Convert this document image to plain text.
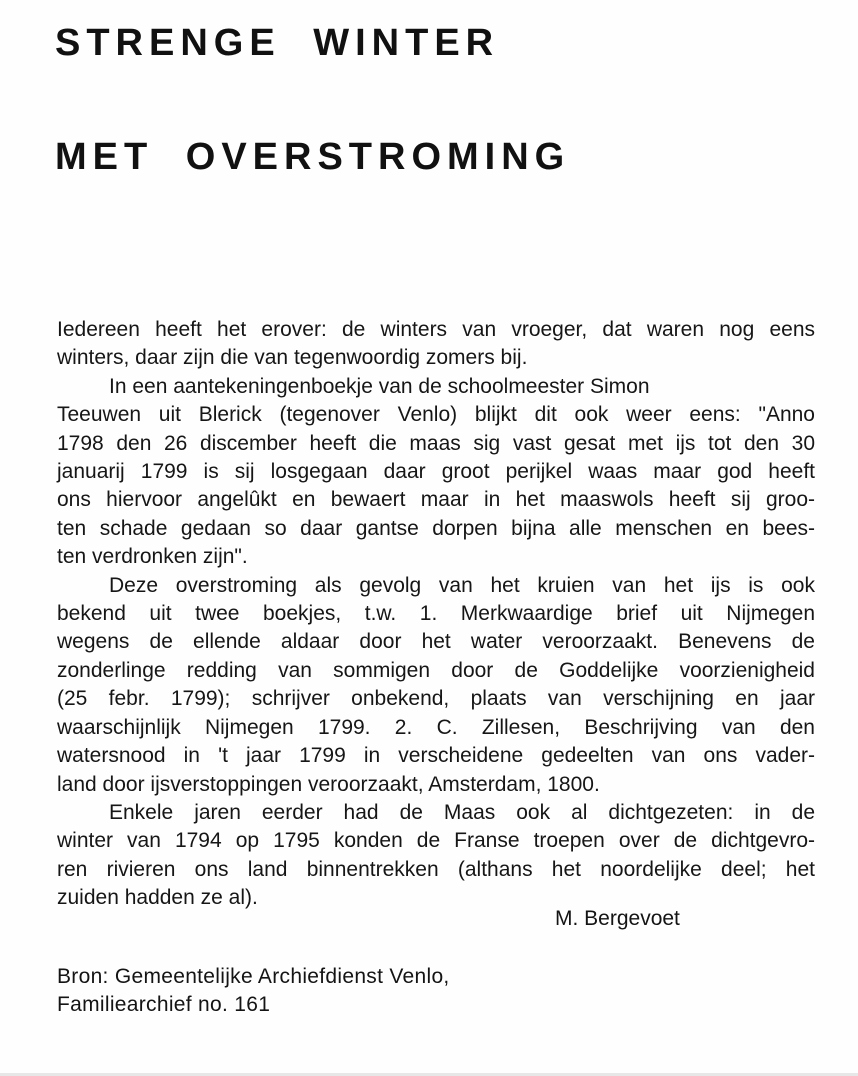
STRENGE WINTER
MET OVERSTROMING
Iedereen heeft het erover: de winters van vroeger, dat waren nog eens
winters, daar zijn die van tegenwoordig zomers bij.
In een aantekeningenboekje van de schoolmeester Simon
Teeuwen uit Blerick (tegenover Venlo) blijkt dit ook weer eens: "Anno
1798 den 26 discember heeft die maas sig vast gesat met ijs tot den 30
januarij 1799 is sij losgegaan daar groot perijkel waas maar god heeft
ons hiervoor angelûkt en bewaert maar in het maaswols heeft sij groo-
ten schade gedaan so daar gantse dorpen bijna alle menschen en bees-
ten verdronken zijn".
Deze overstroming als gevolg van het kruien van het ijs is ook
bekend uit twee boekjes, t.w. 1. Merkwaardige brief uit Nijmegen
wegens de ellende aldaar door het water veroorzaakt. Benevens de
zonderlinge redding van sommigen door de Goddelijke voorzienigheid
(25 febr. 1799); schrijver onbekend, plaats van verschijning en jaar
waarschijnlijk Nijmegen 1799. 2. C. Zillesen, Beschrijving van den
watersnood in 't jaar 1799 in verscheidene gedeelten van ons vader-
land door ijsverstoppingen veroorzaakt, Amsterdam, 1800.
Enkele jaren eerder had de Maas ook al dichtgezeten: in de
winter van 1794 op 1795 konden de Franse troepen over de dichtgevro-
ren rivieren ons land binnentrekken (althans het noordelijke deel; het
zuiden hadden ze al).
M. Bergevoet
Bron: Gemeentelijke Archiefdienst Venlo,
Familiearchief no. 161
